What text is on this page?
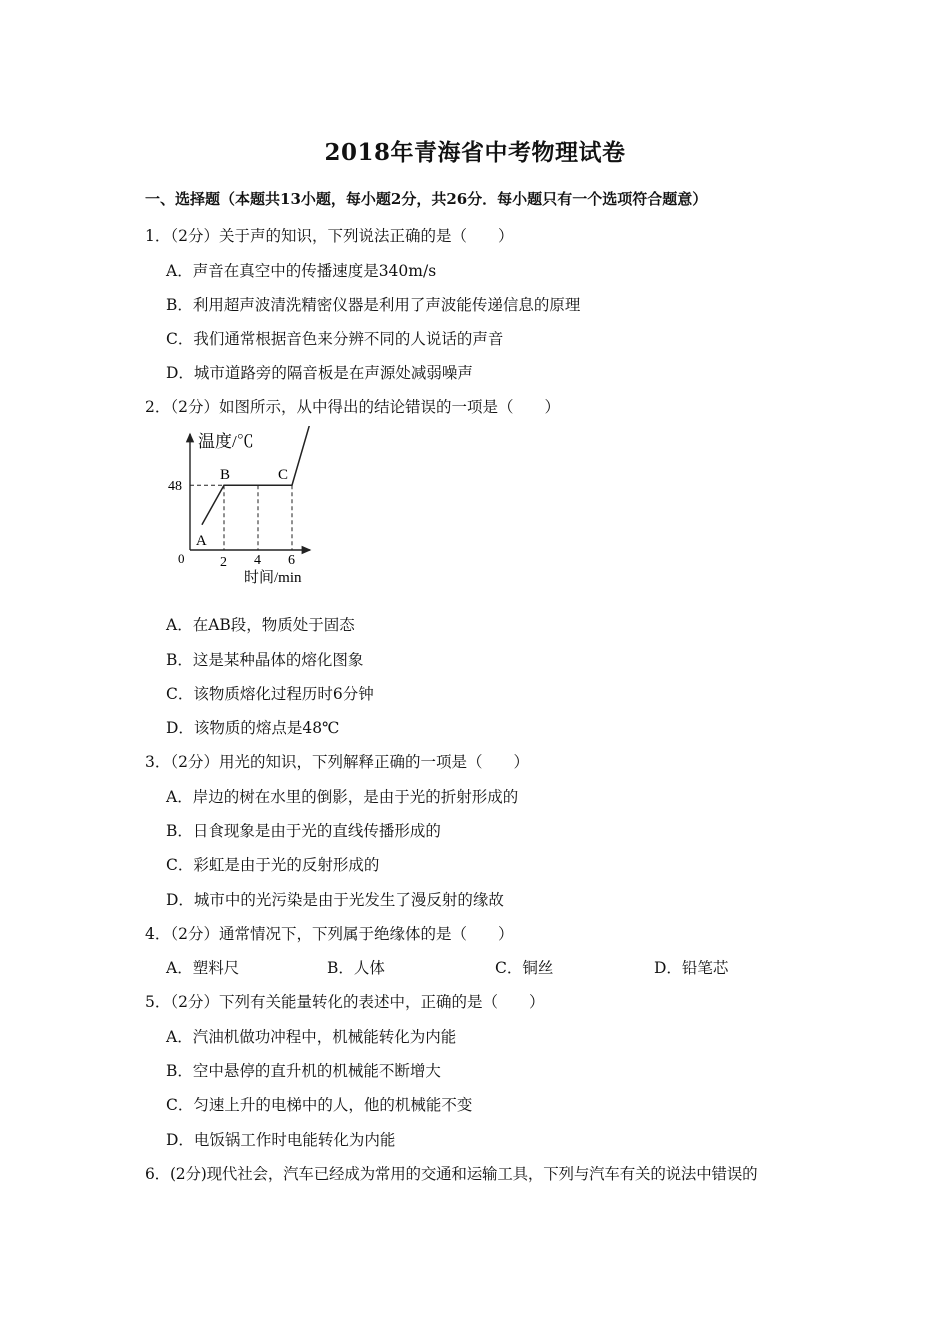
2018年青海省中考物理试卷
一、选择题（本题共13小题，每小题2分，共26分．每小题只有一个选项符合题意）
1．（2分）关于声的知识，下列说法正确的是（　　）
A．声音在真空中的传播速度是340m/s
B．利用超声波清洗精密仪器是利用了声波能传递信息的原理
C．我们通常根据音色来分辨不同的人说话的声音
D．城市道路旁的隔音板是在声源处减弱噪声
2．（2分）如图所示，从中得出的结论错误的一项是（　　）
温度/℃
时间/min
0	2 4 6
48
A
B	C
A．在AB段，物质处于固态
B．这是某种晶体的熔化图象
C．该物质熔化过程历时6分钟
D．该物质的熔点是48℃
3．（2分）用光的知识，下列解释正确的一项是（　　）
A．岸边的树在水里的倒影，是由于光的折射形成的
B．日食现象是由于光的直线传播形成的
C．彩虹是由于光的反射形成的
D．城市中的光污染是由于光发生了漫反射的缘故
4．（2分）通常情况下，下列属于绝缘体的是（　　）
A．塑料尺	B．人体	C．铜丝	D．铅笔芯
5．（2分）下列有关能量转化的表述中，正确的是（　　）
A．汽油机做功冲程中，机械能转化为内能
B．空中悬停的直升机的机械能不断增大
C．匀速上升的电梯中的人，他的机械能不变
D．电饭锅工作时电能转化为内能
6．(2分)现代社会，汽车已经成为常用的交通和运输工具，下列与汽车有关的说法中错误的
